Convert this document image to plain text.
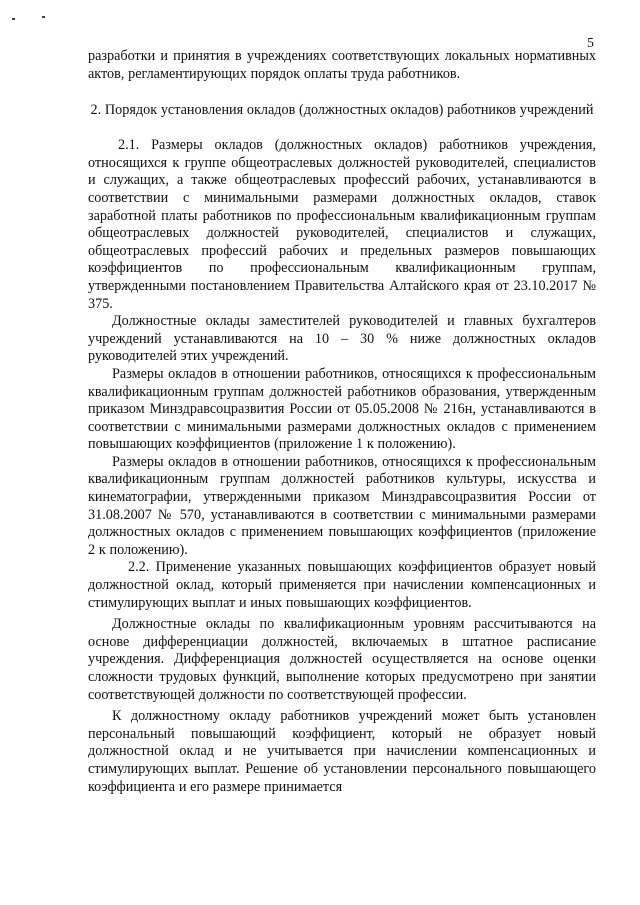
5

разработки и принятия в учреждениях соответствующих локальных нормативных актов, регламентирующих порядок оплаты труда работников.

2. Порядок установления окладов (должностных окладов) работников учреждений

2.1. Размеры окладов (должностных окладов) работников учреждения, относящихся к группе общеотраслевых должностей руководителей, специалистов и служащих, а также общеотраслевых профессий рабочих, устанавливаются в соответствии с минимальными размерами должностных окладов, ставок заработной платы работников по профессиональным квалификационным группам общеотраслевых должностей руководителей, специалистов и служащих, общеотраслевых профессий рабочих и предельных размеров повышающих коэффициентов по профессиональным квалификационным группам, утвержденными постановлением Правительства Алтайского края от 23.10.2017 № 375.

Должностные оклады заместителей руководителей и главных бухгалтеров учреждений устанавливаются на 10 – 30 % ниже должностных окладов руководителей этих учреждений.

Размеры окладов в отношении работников, относящихся к профессиональным квалификационным группам должностей работников образования, утвержденным приказом Минздравсоцразвития России от 05.05.2008 № 216н, устанавливаются в соответствии с минимальными размерами должностных окладов с применением повышающих коэффициентов (приложение 1 к положению).

Размеры окладов в отношении работников, относящихся к профессиональным квалификационным группам должностей работников культуры, искусства и кинематографии, утвержденными приказом Минздравсоцразвития России от 31.08.2007 № 570, устанавливаются в соответствии с минимальными размерами должностных окладов с применением повышающих коэффициентов (приложение 2 к положению).

2.2. Применение указанных повышающих коэффициентов образует новый должностной оклад, который применяется при начислении компенсационных и стимулирующих выплат и иных повышающих коэффициентов.

Должностные оклады по квалификационным уровням рассчитываются на основе дифференциации должностей, включаемых в штатное расписание учреждения. Дифференциация должностей осуществляется на основе оценки сложности трудовых функций, выполнение которых предусмотрено при занятии соответствующей должности по соответствующей профессии.

К должностному окладу работников учреждений может быть установлен персональный повышающий коэффициент, который не образует новый должностной оклад и не учитывается при начислении компенсационных и стимулирующих выплат. Решение об установлении персонального повышающего коэффициента и его размере принимается
